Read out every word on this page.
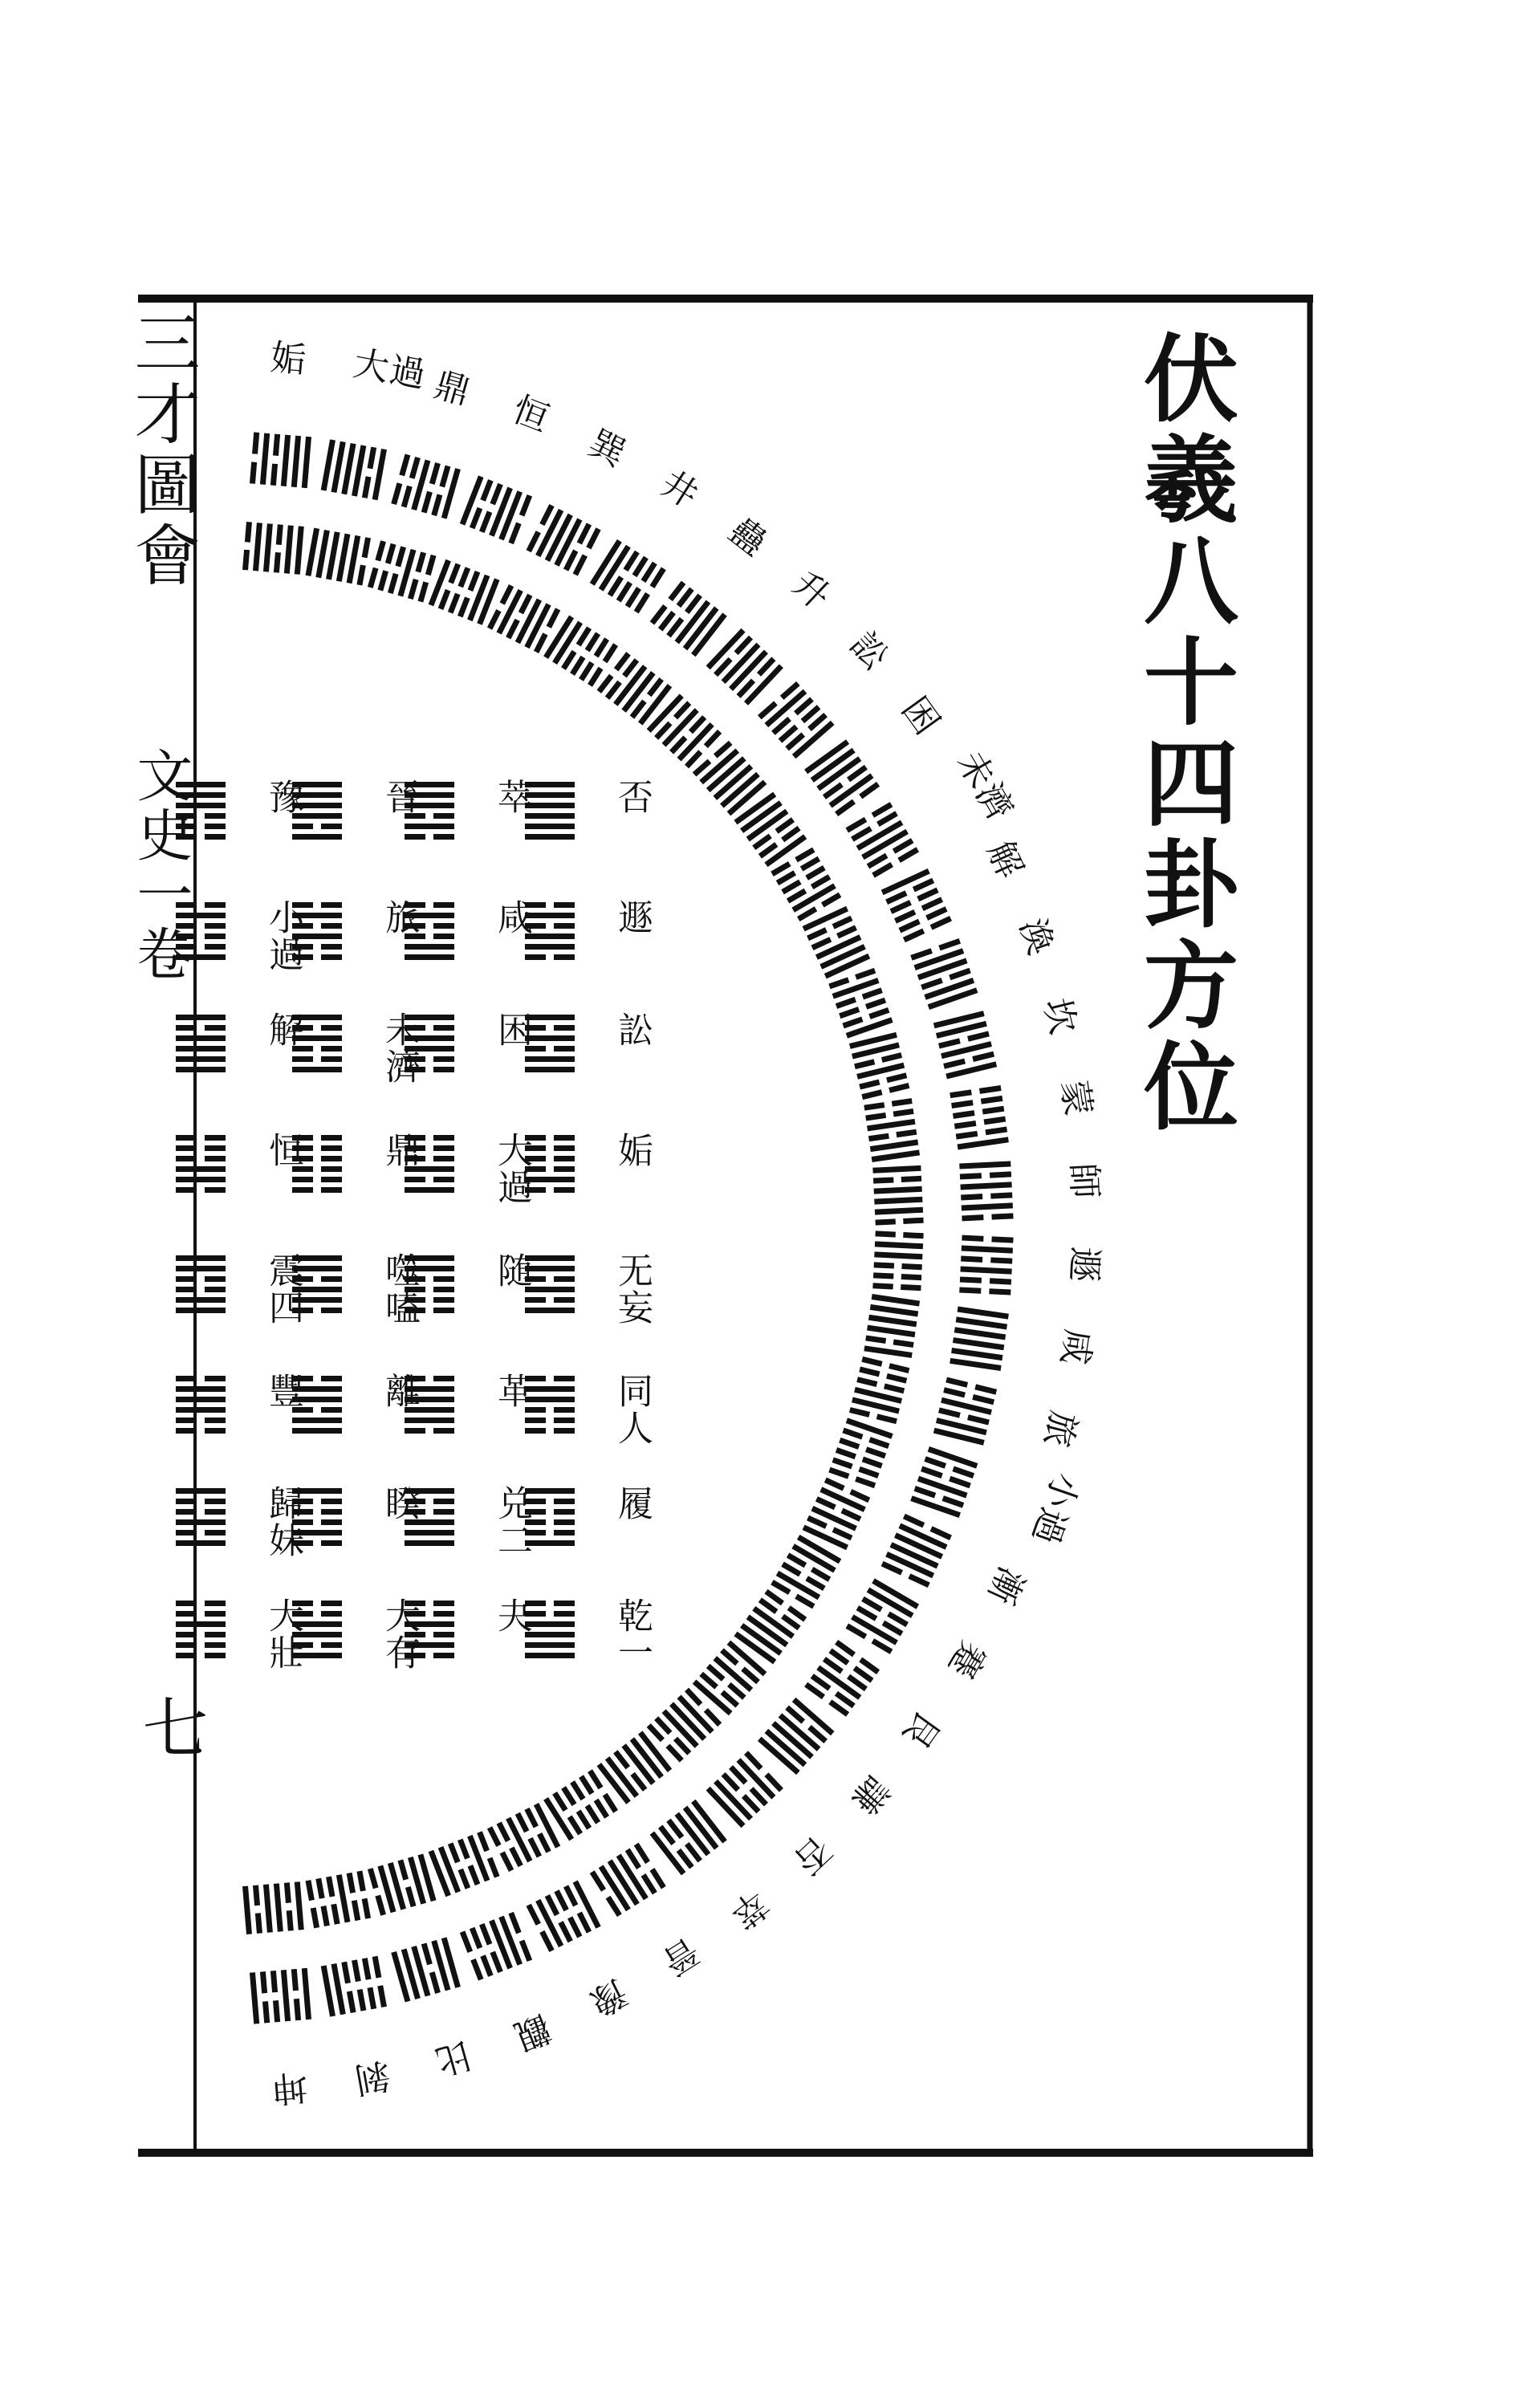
伏羲八十四卦方位
三才圖會
文史一卷
七
否
遯
訟
姤
无妄
同人
履
乾一
萃
咸
困
大過
随
革
兑二
夬
晉
旅
未濟
鼎
噬嗑
離
睽
大有
豫
小過
解
恒
震四
豐
歸妹
大壯
姤 大過 鼎
恒
巽
井
蠱
升
訟
困
未濟
解
渙
坎
蒙
師
遯
咸
旅
小過
漸
蹇
艮
謙
否
萃
晉
豫
觀
比
剝
坤
